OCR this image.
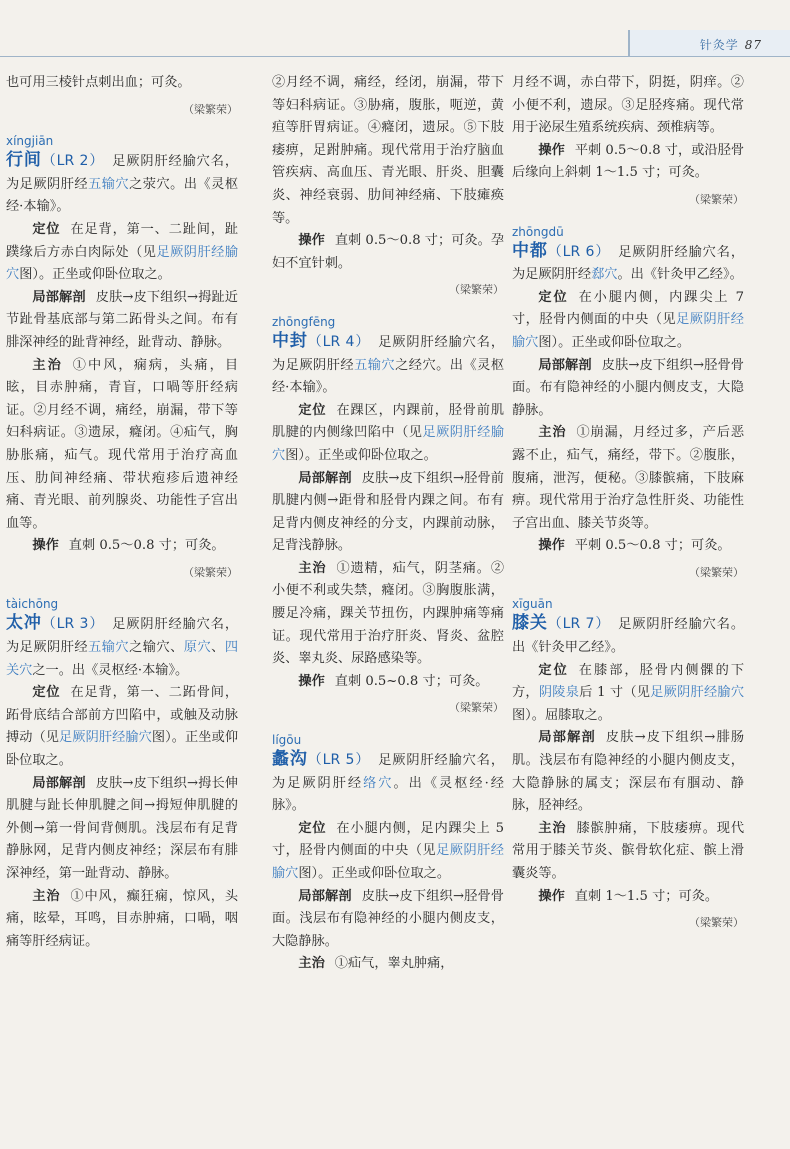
针灸学 87

也可用三棱针点刺出血；可灸。

（梁繁荣）
xíngjiān

行间（LR 2） 足厥阴肝经腧穴名，为足厥阴肝经五输穴之荥穴。出《灵枢经·本输》。

定位 在足背，第一、二趾间，趾蹼缘后方赤白肉际处（见足厥阴肝经腧穴图）。正坐或仰卧位取之。

局部解剖 皮肤→皮下组织→拇趾近节趾骨基底部与第二跖骨头之间。布有腓深神经的趾背神经，趾背动、静脉。

主治 ①中风，痫病，头痛，目眩，目赤肿痛，青盲，口喎等肝经病证。②月经不调，痛经，崩漏，带下等妇科病证。③遗尿，癃闭。④疝气，胸胁胀痛，疝气。现代常用于治疗高血压、肋间神经痛、带状疱疹后遗神经痛、青光眼、前列腺炎、功能性子宫出血等。

操作 直刺 0.5～0.8 寸；可灸。

（梁繁荣）
tàichōng

太冲（LR 3） 足厥阴肝经腧穴名，为足厥阴肝经五输穴之输穴、原穴、四关穴之一。出《灵枢经·本输》。

定位 在足背，第一、二跖骨间，跖骨底结合部前方凹陷中，或触及动脉搏动（见足厥阴肝经腧穴图）。正坐或仰卧位取之。

局部解剖 皮肤→皮下组织→拇长伸肌腱与趾长伸肌腱之间→拇短伸肌腱的外侧→第一骨间背侧肌。浅层布有足背静脉网，足背内侧皮神经；深层布有腓深神经，第一趾背动、静脉。

主治 ①中风，癫狂痫，惊风，头痛，眩晕，耳鸣，目赤肿痛，口喎，咽痛等肝经病证。

②月经不调，痛经，经闭，崩漏，带下等妇科病证。③胁痛，腹胀，呃逆，黄疸等肝胃病证。④癃闭，遗尿。⑤下肢痿痹，足跗肿痛。现代常用于治疗脑血管疾病、高血压、青光眼、肝炎、胆囊炎、神经衰弱、肋间神经痛、下肢瘫痪等。

操作 直刺 0.5～0.8 寸；可灸。孕妇不宜针刺。

（梁繁荣）
zhōngfēng

中封（LR 4） 足厥阴肝经腧穴名，为足厥阴肝经五输穴之经穴。出《灵枢经·本输》。

定位 在踝区，内踝前，胫骨前肌肌腱的内侧缘凹陷中（见足厥阴肝经腧穴图）。正坐或仰卧位取之。

局部解剖 皮肤→皮下组织→胫骨前肌腱内侧→距骨和胫骨内踝之间。布有足背内侧皮神经的分支，内踝前动脉，足背浅静脉。

主治 ①遗精，疝气，阴茎痛。②小便不利或失禁，癃闭。③胸腹胀满，腰足冷痛，踝关节扭伤，内踝肿痛等痛证。现代常用于治疗肝炎、肾炎、盆腔炎、睾丸炎、尿路感染等。

操作 直刺 0.5~0.8 寸；可灸。

（梁繁荣）
lígōu

蠡沟（LR 5） 足厥阴肝经腧穴名，为足厥阴肝经络穴。出《灵枢经·经脉》。

定位 在小腿内侧，足内踝尖上 5 寸，胫骨内侧面的中央（见足厥阴肝经腧穴图）。正坐或仰卧位取之。

局部解剖 皮肤→皮下组织→胫骨骨面。浅层布有隐神经的小腿内侧皮支，大隐静脉。

主治 ①疝气，睾丸肿痛，

月经不调，赤白带下，阴挺，阴痒。②小便不利，遗尿。③足胫疼痛。现代常用于泌尿生殖系统疾病、颈椎病等。

操作 平刺 0.5～0.8 寸，或沿胫骨后缘向上斜刺 1～1.5 寸；可灸。

（梁繁荣）
zhōngdū

中都（LR 6） 足厥阴肝经腧穴名，为足厥阴肝经郄穴。出《针灸甲乙经》。

定位 在小腿内侧，内踝尖上 7 寸，胫骨内侧面的中央（见足厥阴肝经腧穴图）。正坐或仰卧位取之。

局部解剖 皮肤→皮下组织→胫骨骨面。布有隐神经的小腿内侧皮支，大隐静脉。

主治 ①崩漏，月经过多，产后恶露不止，疝气，痛经，带下。②腹胀，腹痛，泄泻，便秘。③膝髌痛，下肢麻痹。现代常用于治疗急性肝炎、功能性子宫出血、膝关节炎等。

操作 平刺 0.5～0.8 寸；可灸。

（梁繁荣）
xīguān

膝关（LR 7） 足厥阴肝经腧穴名。出《针灸甲乙经》。

定位 在膝部，胫骨内侧髁的下方，阴陵泉后 1 寸（见足厥阴肝经腧穴图）。屈膝取之。

局部解剖 皮肤→皮下组织→腓肠肌。浅层布有隐神经的小腿内侧皮支，大隐静脉的属支；深层布有腘动、静脉，胫神经。

主治 膝髌肿痛，下肢痿痹。现代常用于膝关节炎、髌骨软化症、髌上滑囊炎等。

操作 直刺 1～1.5 寸；可灸。

（梁繁荣）
